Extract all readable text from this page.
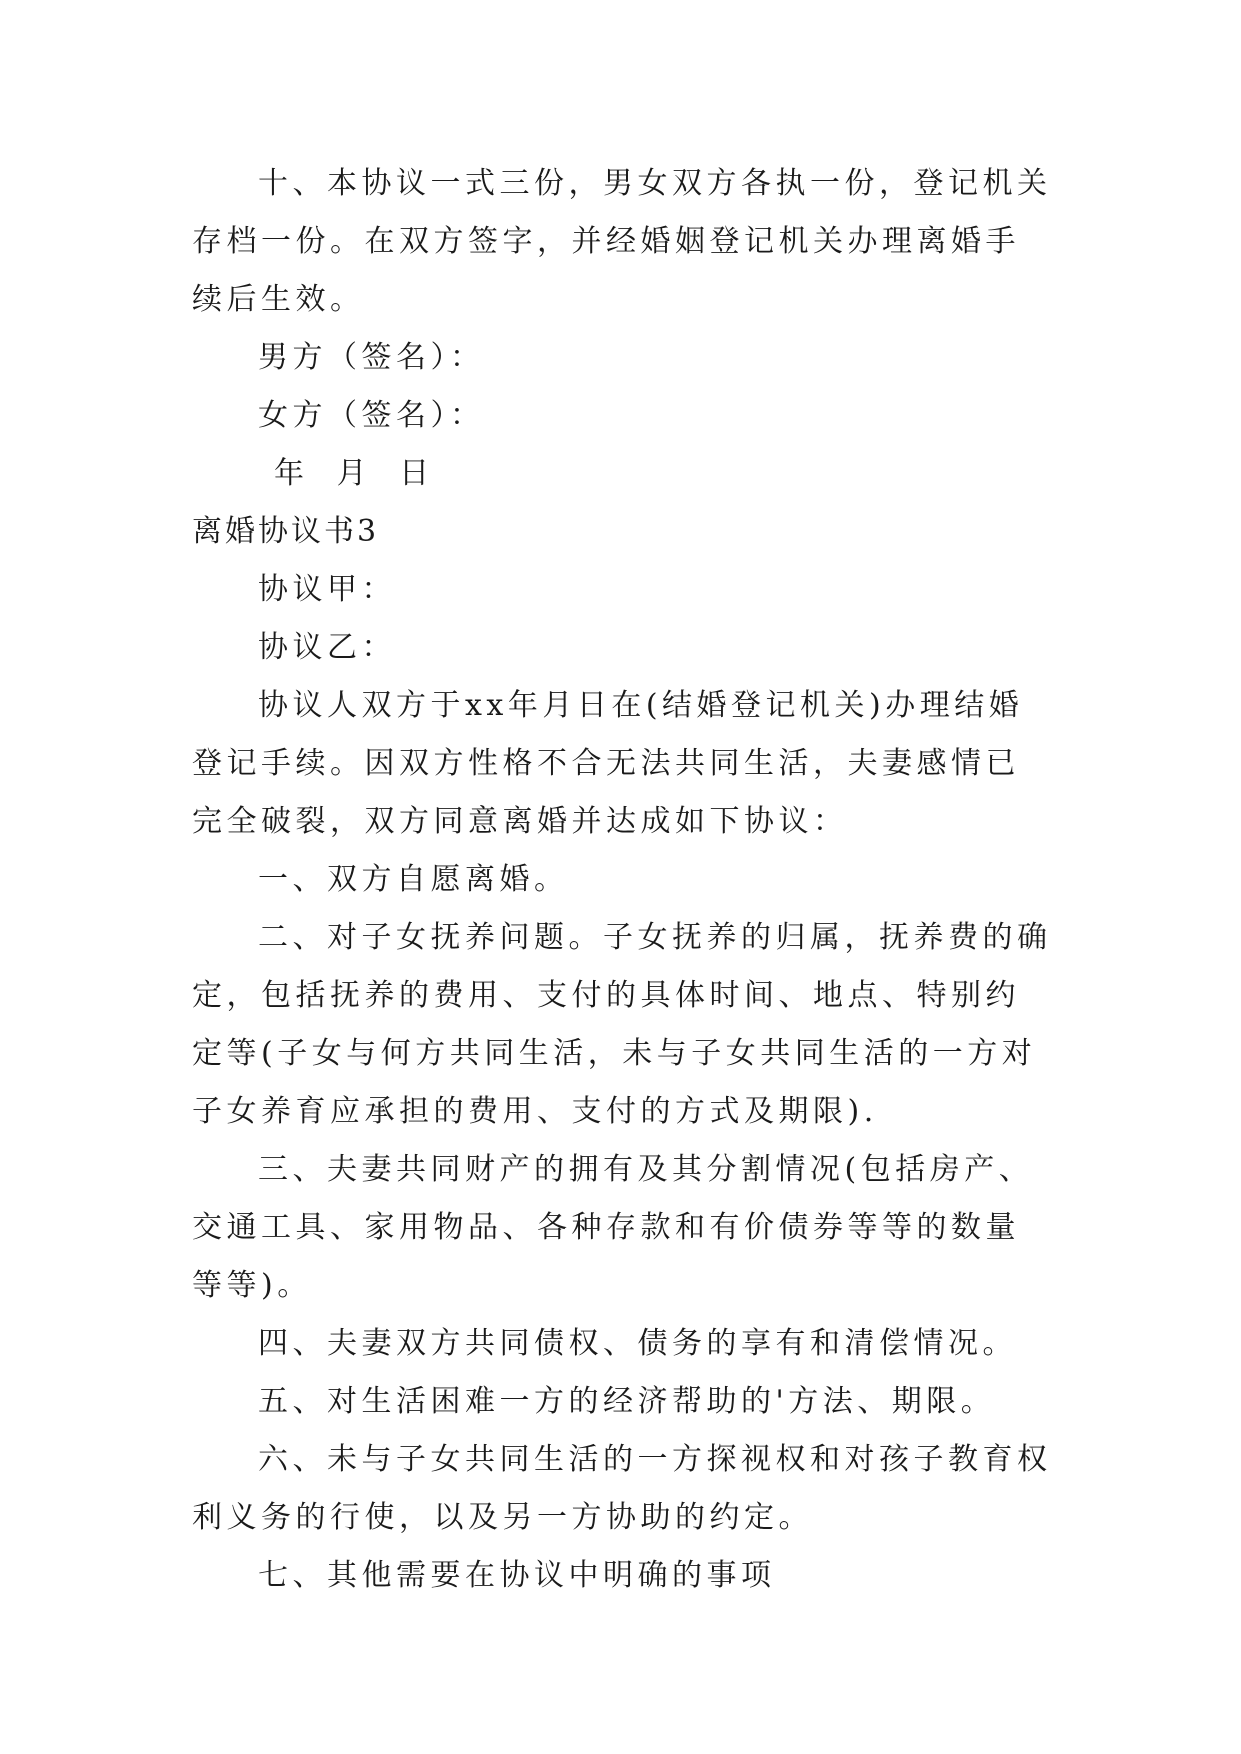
十、本协议一式三份，男女双方各执一份，登记机关存档一份。在双方签字，并经婚姻登记机关办理离婚手续后生效。

男方（签名）：

女方（签名）：

年  月  日

离婚协议书3

协议甲：

协议乙：

协议人双方于xx年月日在(结婚登记机关)办理结婚登记手续。因双方性格不合无法共同生活，夫妻感情已完全破裂，双方同意离婚并达成如下协议：

一、双方自愿离婚。

二、对子女抚养问题。子女抚养的归属，抚养费的确定，包括抚养的费用、支付的具体时间、地点、特别约定等(子女与何方共同生活，未与子女共同生活的一方对子女养育应承担的费用、支付的方式及期限).

三、夫妻共同财产的拥有及其分割情况(包括房产、交通工具、家用物品、各种存款和有价债券等等的数量等等)。

四、夫妻双方共同债权、债务的享有和清偿情况。

五、对生活困难一方的经济帮助的'方法、期限。

六、未与子女共同生活的一方探视权和对孩子教育权利义务的行使，以及另一方协助的约定。

七、其他需要在协议中明确的事项
